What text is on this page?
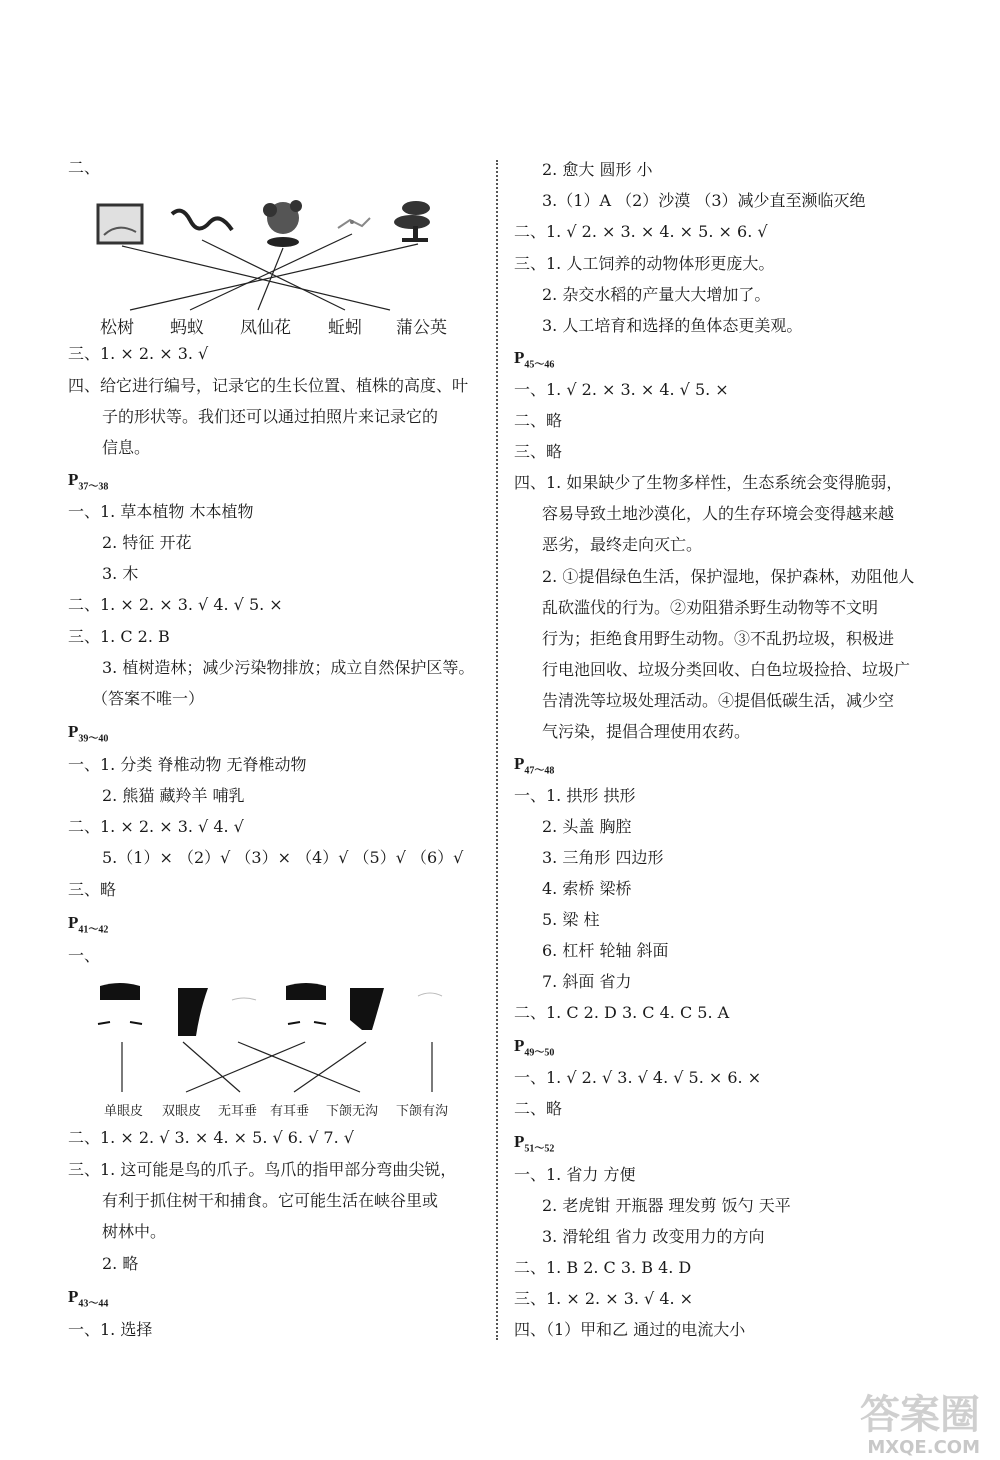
二、
松树 蚂蚁 凤仙花 蚯蚓 蒲公英
三、1. × 2. × 3. √
四、给它进行编号，记录它的生长位置、植株的高度、叶
子的形状等。我们还可以通过拍照片来记录它的
信息。
$P_{37\sim 38}$
一、1. 草本植物 木本植物
2. 特征 开花
3. 木
二、1. × 2. × 3. √ 4. √ 5. ×
三、1. C 2. B
3. 植树造林；减少污染物排放；成立自然保护区等。
（答案不唯一）
$P_{39\sim 40}$
一、1. 分类 脊椎动物 无脊椎动物
2. 熊猫 藏羚羊 哺乳
二、1. × 2. × 3. √ 4. √
5.（1）× （2）√ （3）× （4）√ （5）√ （6）√
三、略
$P_{41\sim 42}$
一、
单眼皮 双眼皮 无耳垂 有耳垂 下颌无沟 下颌有沟
二、1. × 2. √ 3. × 4. × 5. √ 6. √ 7. √
三、1. 这可能是鸟的爪子。鸟爪的指甲部分弯曲尖锐，
有利于抓住树干和捕食。它可能生活在峡谷里或
树林中。
2. 略
$P_{43\sim 44}$
一、1. 选择
2. 愈大 圆形 小
3.（1）A （2）沙漠 （3）减少直至濒临灭绝
二、1. √ 2. × 3. × 4. × 5. × 6. √
三、1. 人工饲养的动物体形更庞大。
2. 杂交水稻的产量大大增加了。
3. 人工培育和选择的鱼体态更美观。
$P_{45\sim 46}$
一、1. √ 2. × 3. × 4. √ 5. ×
二、略
三、略
四、1. 如果缺少了生物多样性，生态系统会变得脆弱，
容易导致土地沙漠化，人的生存环境会变得越来越
恶劣，最终走向灭亡。
2. ①提倡绿色生活，保护湿地，保护森林，劝阻他人
乱砍滥伐的行为。②劝阻猎杀野生动物等不文明
行为；拒绝食用野生动物。③不乱扔垃圾，积极进
行电池回收、垃圾分类回收、白色垃圾捡拾、垃圾广
告清洗等垃圾处理活动。④提倡低碳生活，减少空
气污染，提倡合理使用农药。
$P_{47\sim 48}$
一、1. 拱形 拱形
2. 头盖 胸腔
3. 三角形 四边形
4. 索桥 梁桥
5. 梁 柱
6. 杠杆 轮轴 斜面
7. 斜面 省力
二、1. C 2. D 3. C 4. C 5. A
$P_{49\sim 50}$
一、1. √ 2. √ 3. √ 4. √ 5. × 6. ×
二、略
$P_{51\sim 52}$
一、1. 省力 方便
2. 老虎钳 开瓶器 理发剪 饭勺 天平
3. 滑轮组 省力 改变用力的方向
二、1. B 2. C 3. B 4. D
三、1. × 2. × 3. √ 4. ×
四、（1）甲和乙 通过的电流大小
答案圈
MXQE.COM
